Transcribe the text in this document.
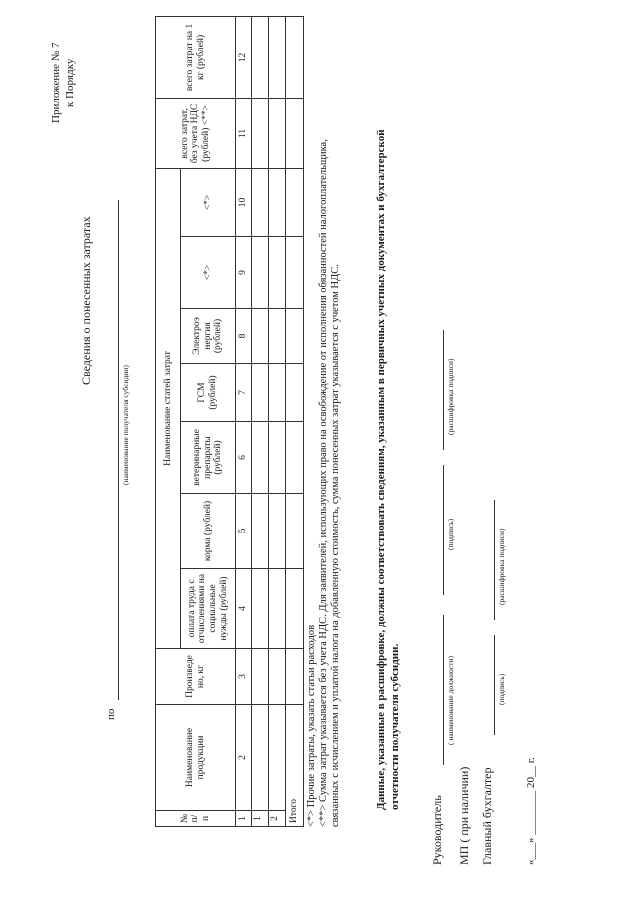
Приложение № 7 к Порядку
Сведения о понесенных затратах
по
(наименование получателя субсидии)
№ п/п	Наименование продукции	Произведе но, кг	Наименование статей затрат							всего затрат, без учета НДС (рублей) <**>	всего затрат на 1 кг (рублей)
			оплата труда с отчислениями на социальные нужды (рублей)	корма (рублей)	ветеринарные препараты (рублей)	ГСМ (рублей)	Электроэ нергия (рублей)	<*>	<*>		
1	2	3	4	5	6	7	8	9	10	11	12
1											
2											
Итого											<*> Прочие затраты, указать статьи расходов <**> Сумма затрат указывается без учета НДС. Для заявителей, использующих право на освобождение от исполнения обязанностей налогоплательщика, связанных с исчислением и уплатой налога на добавленную стоимость, сумма понесенных затрат указывается с учетом НДС.	Данные, указанные в расшифровке, должны соответствовать сведениям, указанным в первичных учетных документах и бухгалтерской отчетности получателя субсидии.
Руководитель
( наименование должности)
(подпись)
(расшифровка подписи)
МП ( при наличии) Главный бухгалтер
(подпись)
(расшифровка подписи)
«___» ________ 20__ г.
